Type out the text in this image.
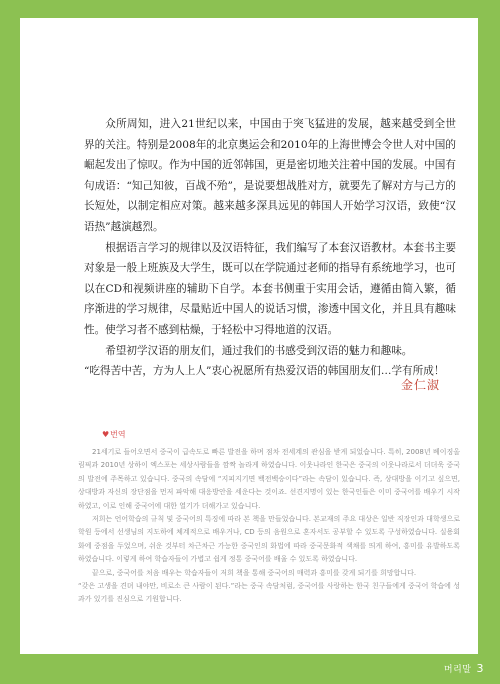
众所周知，进入21世纪以来，中国由于突飞猛进的发展，越来越受到全世界的关注。特别是2008年的北京奥运会和2010年的上海世博会令世人对中国的崛起发出了惊叹。作为中国的近邻韩国，更是密切地关注着中国的发展。中国有句成语：“知己知彼，百战不殆”，是说要想战胜对方，就要先了解对方与己方的长短处，以制定相应对策。越来越多深具远见的韩国人开始学习汉语，致使“汉语热”越演越烈。

根据语言学习的规律以及汉语特征，我们编写了本套汉语教材。本套书主要对象是一般上班族及大学生，既可以在学院通过老师的指导有系统地学习，也可以在CD和视频讲座的辅助下自学。本套书侧重于实用会话，遵循由简入繁，循序渐进的学习规律，尽量贴近中国人的说话习惯，渗透中国文化，并且具有趣味性。使学习者不感到枯燥，于轻松中习得地道的汉语。

希望初学汉语的朋友们，通过我们的书感受到汉语的魅力和趣味。

“吃得苦中苦，方为人上人”衷心祝愿所有热爱汉语的韩国朋友们…学有所成！

金仁淑
♥번역

21세기로 들어오면서 중국이 급속도로 빠른 발전을 하며 점차 전세계의 관심을 받게 되었습니다. 특히, 2008년 베이징올림픽과 2010년 상하이 엑스포는 세상사람들을 깜짝 놀라게 하였습니다. 이웃나라인 한국은 중국의 이웃나라로서 더더욱 중국의 발전에 주목하고 있습니다. 중국의 속담에 “지피지기면 백전백승이다”라는 속담이 있습니다. 즉, 상대방을 이기고 싶으면, 상대방과 자신의 장단점을 먼저 파악해 대응방안을 세운다는 것이죠. 선견지명이 있는 한국인들은 이미 중국어를 배우기 시작하였고, 이로 인해 중국어에 대한 열기가 더해가고 있습니다.

저희는 언어학습의 규칙 및 중국어의 특징에 따라 본 책을 만들었습니다. 본교재의 주요 대상은 일반 직장인과 대학생으로 학원 등에서 선생님의 지도하에 체계적으로 배우거나, CD 등의 음원으로 혼자서도 공부할 수 있도록 구성하였습니다. 실용회화에 중점을 두었으며, 쉬운 것부터 차근차근 가능한 중국인의 화법에 따라 중국문화적 색채를 띄게 하여, 흥미를 유발하도록 하였습니다. 이렇게 하여 학습자들이 가볍고 쉽게 정통 중국어를 배울 수 있도록 하였습니다.

끝으로, 중국어를 처음 배우는 학습자들이 저희 책을 통해 중국어의 매력과 흥미를 갖게 되기를 희망합니다.

“갖은 고생을 견뎌 내야만, 비로소 큰 사람이 된다.”라는 중국 속담처럼, 중국어를 사랑하는 한국 친구들에게 중국어 학습에 성과가 있기를 진심으로 기원합니다.

머리말 3
